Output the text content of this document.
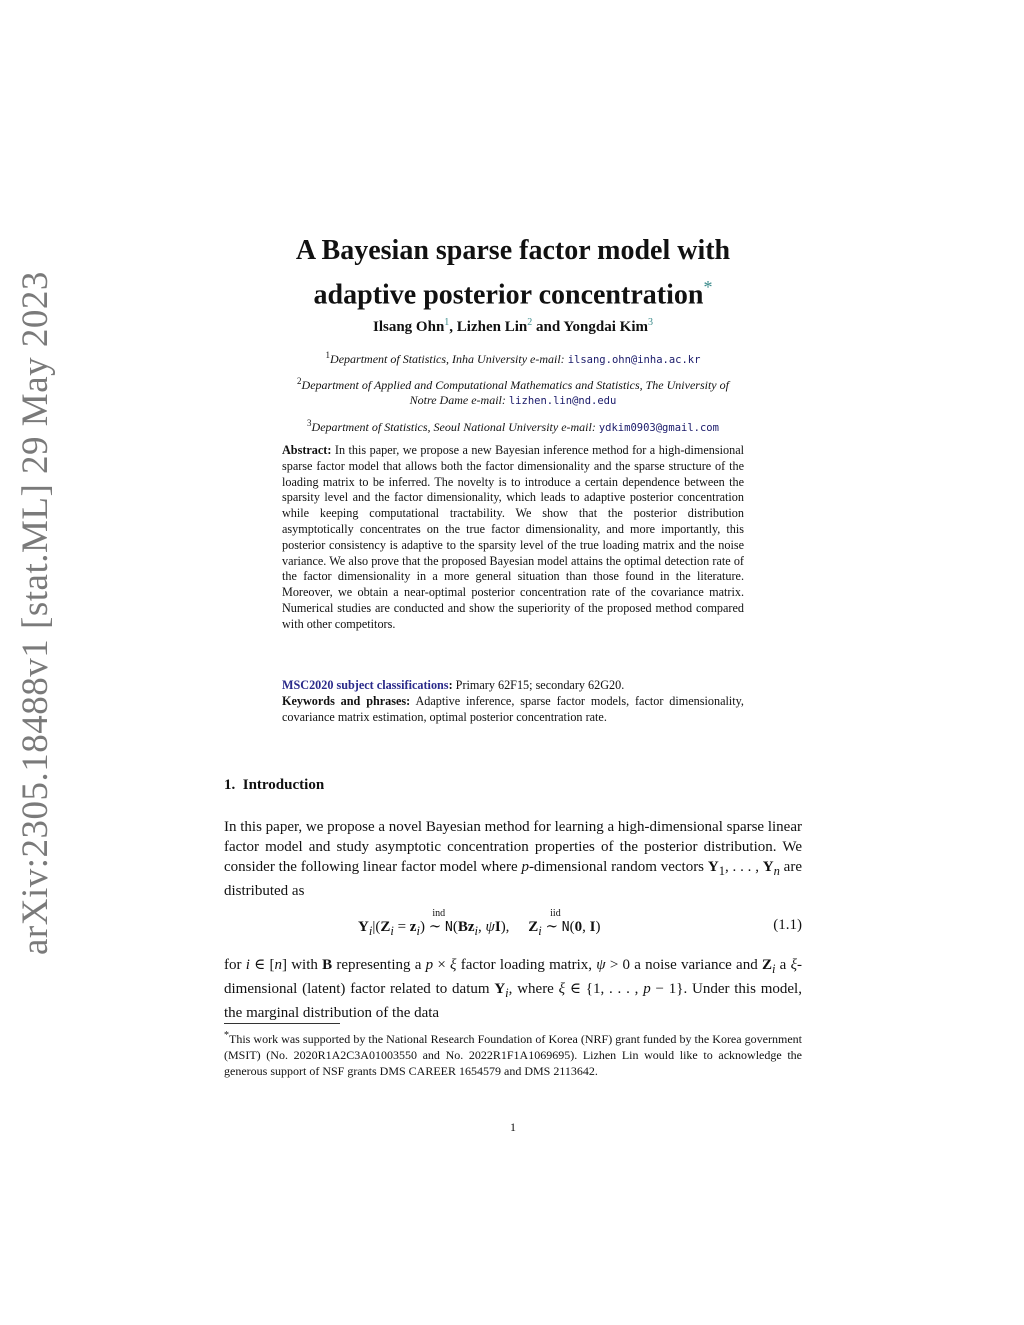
arXiv:2305.18488v1 [stat.ML] 29 May 2023
A Bayesian sparse factor model with
adaptive posterior concentration*
Ilsang Ohn$^1$, Lizhen Lin$^2$ and Yongdai Kim$^3$
$^1$Department of Statistics, Inha University e-mail: ilsang.ohn@inha.ac.kr
$^2$Department of Applied and Computational Mathematics and Statistics, The University of
Notre Dame e-mail: lizhen.lin@nd.edu
$^3$Department of Statistics, Seoul National University e-mail: ydkim0903@gmail.com
Abstract: In this paper, we propose a new Bayesian inference method for a high-dimensional sparse factor model that allows both the factor dimensionality and the sparse structure of the loading matrix to be inferred. The novelty is to introduce a certain dependence between the sparsity level and the factor dimensionality, which leads to adaptive posterior concentration while keeping computational tractability. We show that the posterior distribution asymptotically concentrates on the true factor dimensionality, and more importantly, this posterior consistency is adaptive to the sparsity level of the true loading matrix and the noise variance. We also prove that the proposed Bayesian model attains the optimal detection rate of the factor dimensionality in a more general situation than those found in the literature. Moreover, we obtain a near-optimal posterior concentration rate of the covariance matrix. Numerical studies are conducted and show the superiority of the proposed method compared with other competitors.
MSC2020 subject classifications: Primary 62F15; secondary 62G20.
Keywords and phrases: Adaptive inference, sparse factor models, factor dimensionality, covariance matrix estimation, optimal posterior concentration rate.
1. Introduction
In this paper, we propose a novel Bayesian method for learning a high-dimensional sparse linear factor model and study asymptotic concentration properties of the posterior distribution. We consider the following linear factor model where p-dimensional random vectors $Y_1$, . . . , $Y_n$ are distributed as
$Y_i|(Z_i = z_i)$
ind
∼ $N(Bz_i$, ψI),     $Z_i$
iid
∼ N(0, I)	(1.1)
for i ∈ [n] with B representing a p × ξ factor loading matrix, ψ > 0 a noise variance and $Z_i$ a ξ-dimensional (latent) factor related to datum $Y_i$, where ξ ∈ {1, . . . , p − 1}. Under this model, the marginal distribution of the data
*This work was supported by the National Research Foundation of Korea (NRF) grant funded by the Korea government (MSIT) (No. 2020R1A2C3A01003550 and No. 2022R1F1A1069695). Lizhen Lin would like to acknowledge the generous support of NSF grants DMS CAREER 1654579 and DMS 2113642.
1
